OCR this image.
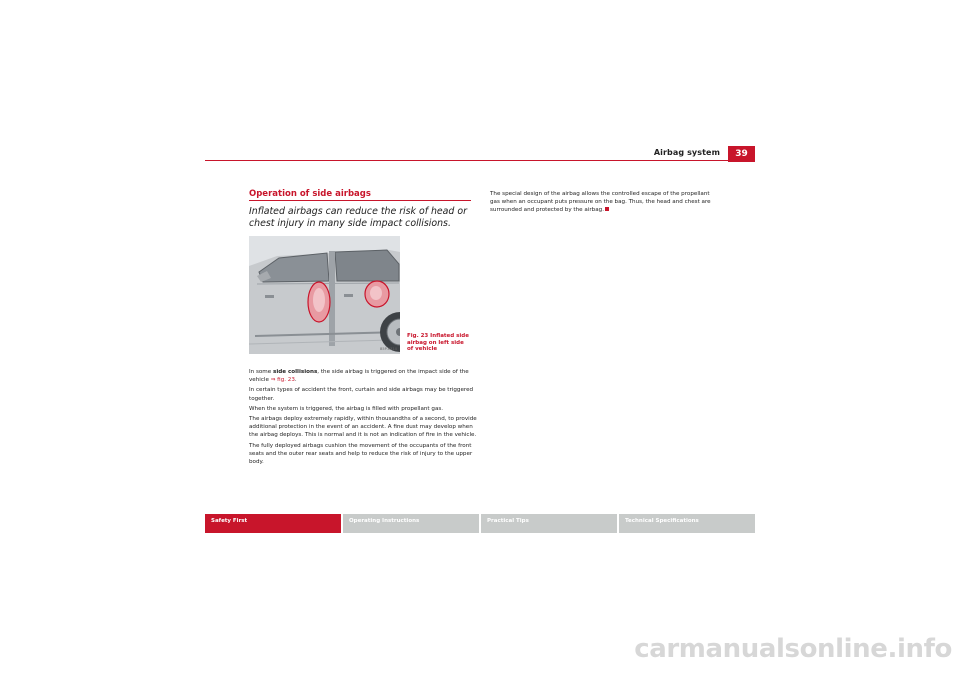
Airbag system	39
Operation of side airbags
Inflated airbags can reduce the risk of head or chest injury in many side impact collisions.
B5P-0314
Fig. 23 Inflated side airbag on left side of vehicle

In some side collisions, the side airbag is triggered on the impact side of the vehicle ⇒ fig. 23.

In certain types of accident the front, curtain and side airbags may be triggered together.

When the system is triggered, the airbag is filled with propellant gas.

The airbags deploy extremely rapidly, within thousandths of a second, to provide additional protection in the event of an accident. A fine dust may develop when the airbag deploys. This is normal and it is not an indication of fire in the vehicle.

The fully deployed airbags cushion the movement of the occupants of the front seats and the outer rear seats and help to reduce the risk of injury to the upper body.

The special design of the airbag allows the controlled escape of the propellant gas when an occupant puts pressure on the bag. Thus, the head and chest are surrounded and protected by the airbag.
Safety First	Operating Instructions	Practical Tips	Technical Specifications
carmanualsonline.info
